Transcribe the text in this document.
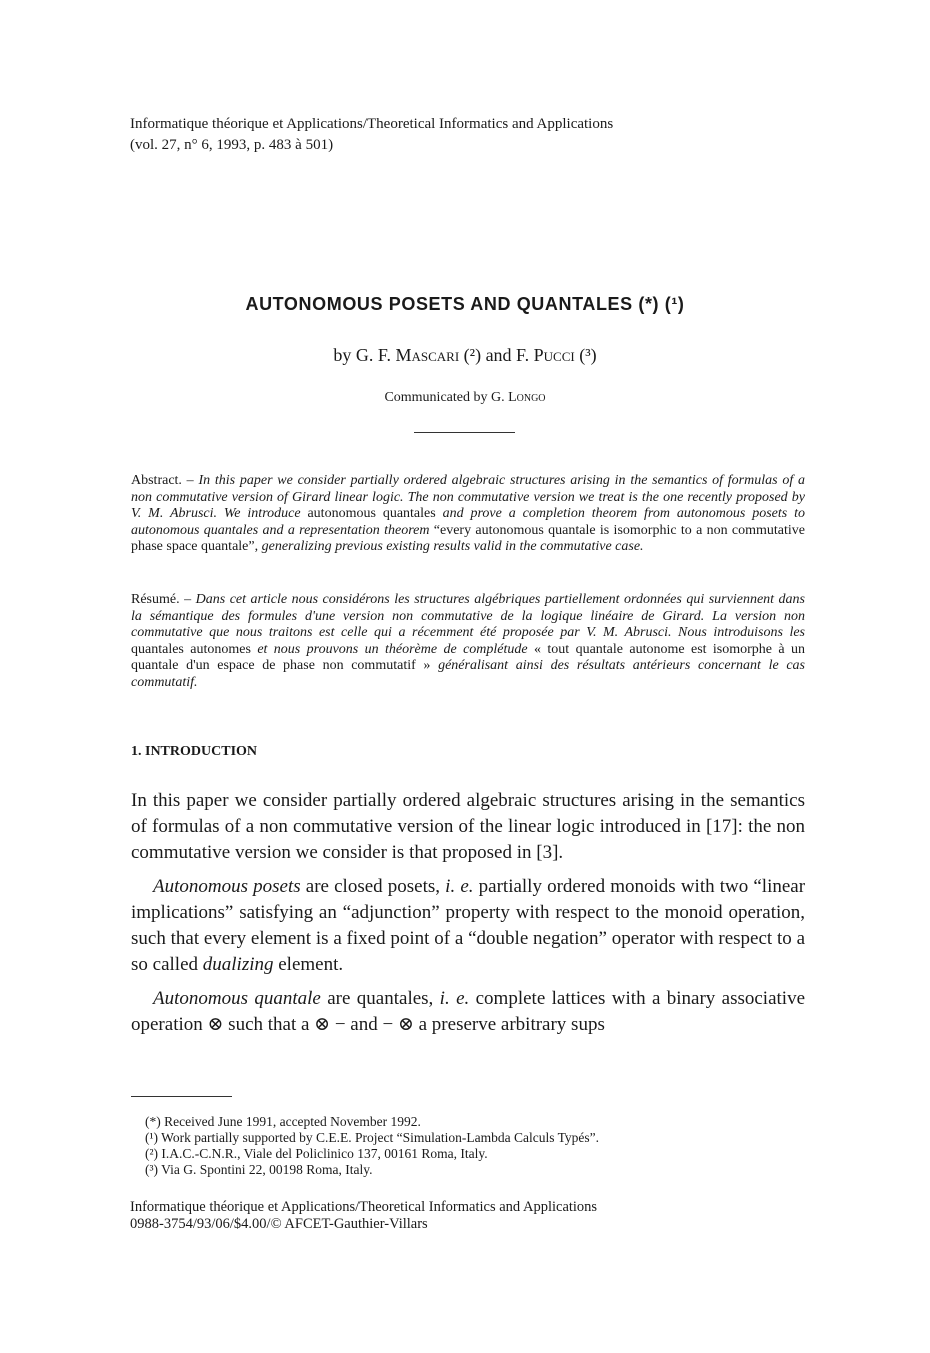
Informatique théorique et Applications/Theoretical Informatics and Applications
(vol. 27, n° 6, 1993, p. 483 à 501)
AUTONOMOUS POSETS AND QUANTALES (*) (¹)
by G. F. Mascari (²) and F. Pucci (³)
Communicated by G. Longo
Abstract. – In this paper we consider partially ordered algebraic structures arising in the semantics of formulas of a non commutative version of Girard linear logic. The non commutative version we treat is the one recently proposed by V. M. Abrusci. We introduce autonomous quantales and prove a completion theorem from autonomous posets to autonomous quantales and a representation theorem “every autonomous quantale is isomorphic to a non commutative phase space quantale”, generalizing previous existing results valid in the commutative case.
Résumé. – Dans cet article nous considérons les structures algébriques partiellement ordonnées qui surviennent dans la sémantique des formules d'une version non commutative de la logique linéaire de Girard. La version non commutative que nous traitons est celle qui a récemment été proposée par V. M. Abrusci. Nous introduisons les quantales autonomes et nous prouvons un théorème de complétude « tout quantale autonome est isomorphe à un quantale d'un espace de phase non commutatif » généralisant ainsi des résultats antérieurs concernant le cas commutatif.
1. INTRODUCTION

In this paper we consider partially ordered algebraic structures arising in the semantics of formulas of a non commutative version of the linear logic introduced in [17]: the non commutative version we consider is that proposed in [3].

Autonomous posets are closed posets, i. e. partially ordered monoids with two “linear implications” satisfying an “adjunction” property with respect to the monoid operation, such that every element is a fixed point of a “double negation” operator with respect to a so called dualizing element.

Autonomous quantale are quantales, i. e. complete lattices with a binary associative operation ⊗ such that a ⊗ − and − ⊗ a preserve arbitrary sups

(*) Received June 1991, accepted November 1992.
(¹) Work partially supported by C.E.E. Project “Simulation-Lambda Calculs Typés”.
(²) I.A.C.-C.N.R., Viale del Policlinico 137, 00161 Roma, Italy.
(³) Via G. Spontini 22, 00198 Roma, Italy.
Informatique théorique et Applications/Theoretical Informatics and Applications
0988-3754/93/06/$4.00/© AFCET-Gauthier-Villars
